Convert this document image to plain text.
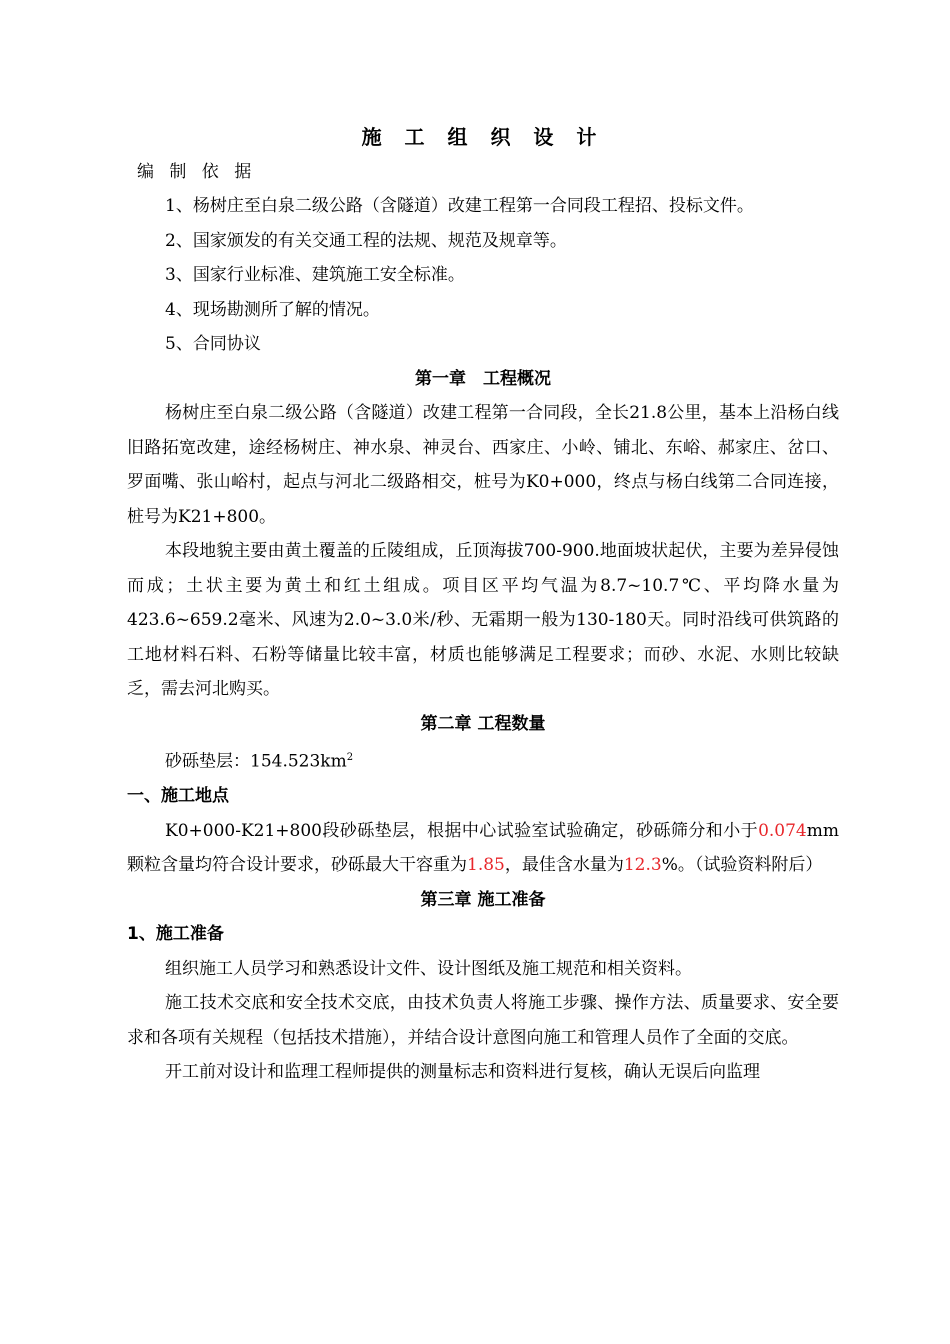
施 工 组 织 设 计
编 制 依 据
1、杨树庄至白泉二级公路（含隧道）改建工程第一合同段工程招、投标文件。
2、国家颁发的有关交通工程的法规、规范及规章等。
3、国家行业标准、建筑施工安全标准。
4、现场勘测所了解的情况。
5、合同协议
第一章　工程概况

杨树庄至白泉二级公路（含隧道）改建工程第一合同段，全长21.8公里，基本上沿杨白线旧路拓宽改建，途经杨树庄、神水泉、神灵台、西家庄、小岭、铺北、东峪、郝家庄、岔口、罗面嘴、张山峪村，起点与河北二级路相交，桩号为K0+000，终点与杨白线第二合同连接，桩号为K21+800。

本段地貌主要由黄土覆盖的丘陵组成，丘顶海拔700-900.地面坡状起伏，主要为差异侵蚀而成；土状主要为黄土和红土组成。项目区平均气温为8.7~10.7℃、平均降水量为423.6~659.2毫米、风速为2.0~3.0米/秒、无霜期一般为130-180天。同时沿线可供筑路的工地材料石料、石粉等储量比较丰富，材质也能够满足工程要求；而砂、水泥、水则比较缺乏，需去河北购买。

第二章 工程数量

砂砾垫层：$154.523km^2$

一、施工地点

K0+000-K21+800段砂砾垫层，根据中心试验室试验确定，砂砾筛分和小于0.074mm颗粒含量均符合设计要求，砂砾最大干容重为1.85，最佳含水量为12.3%。（试验资料附后）

第三章 施工准备
1、施工准备

组织施工人员学习和熟悉设计文件、设计图纸及施工规范和相关资料。

施工技术交底和安全技术交底，由技术负责人将施工步骤、操作方法、质量要求、安全要求和各项有关规程（包括技术措施），并结合设计意图向施工和管理人员作了全面的交底。

开工前对设计和监理工程师提供的测量标志和资料进行复核，确认无误后向监理
